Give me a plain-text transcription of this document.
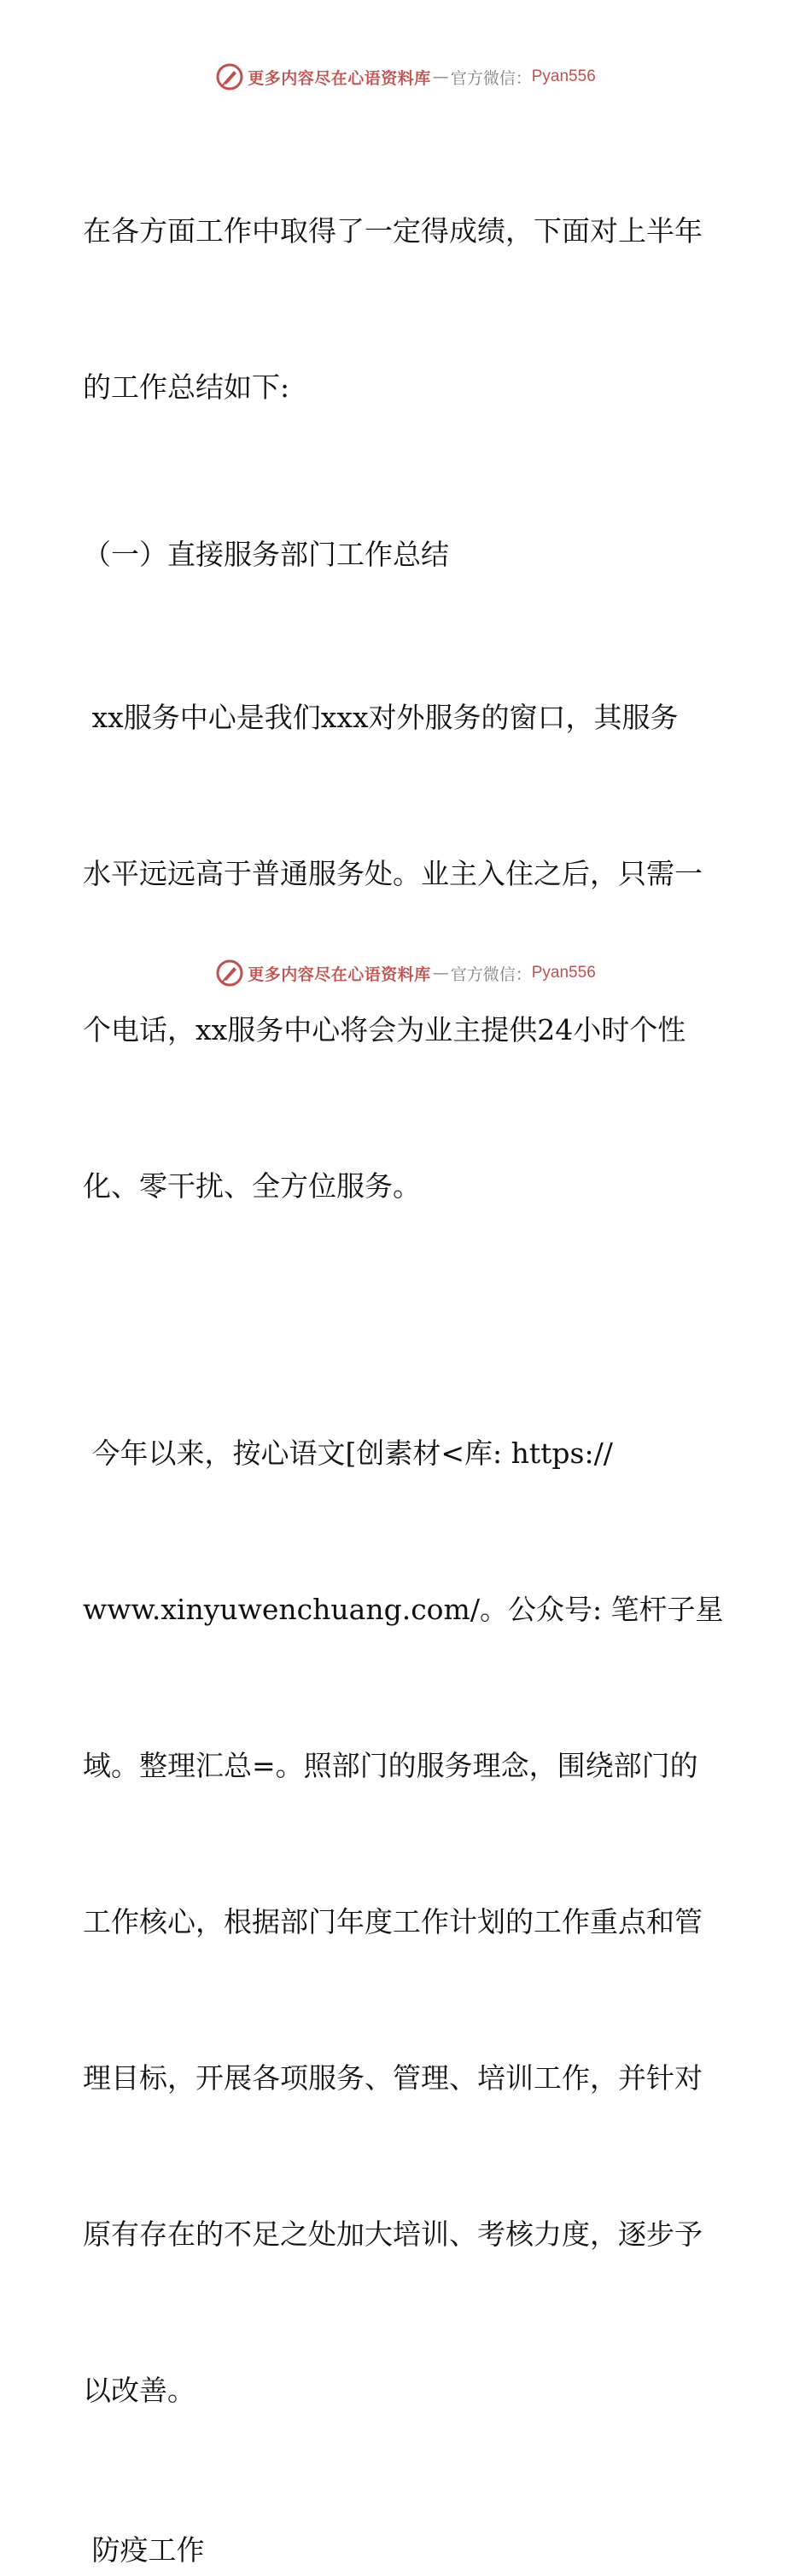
更多内容尽在心语资料库 — 官方微信： Pyan556

在各方面工作中取得了一定得成绩，下面对上半年

的工作总结如下:

（一）直接服务部门工作总结

xx服务中心是我们xxx对外服务的窗口，其服务

水平远远高于普通服务处。业主入住之后，只需一

个电话，xx服务中心将会为业主提供24小时个性

化、零干扰、全方位服务。

今年以来，按心语文[创素材<库: https://

www.xinyuwenchuang.com/。公众号: 笔杆子星

域。整理汇总=。照部门的服务理念，围绕部门的

工作核心，根据部门年度工作计划的工作重点和管

理目标，开展各项服务、管理、培训工作，并针对

原有存在的不足之处加大培训、考核力度，逐步予

以改善。

防疫工作
更多内容尽在心语资料库 — 官方微信： Pyan556
